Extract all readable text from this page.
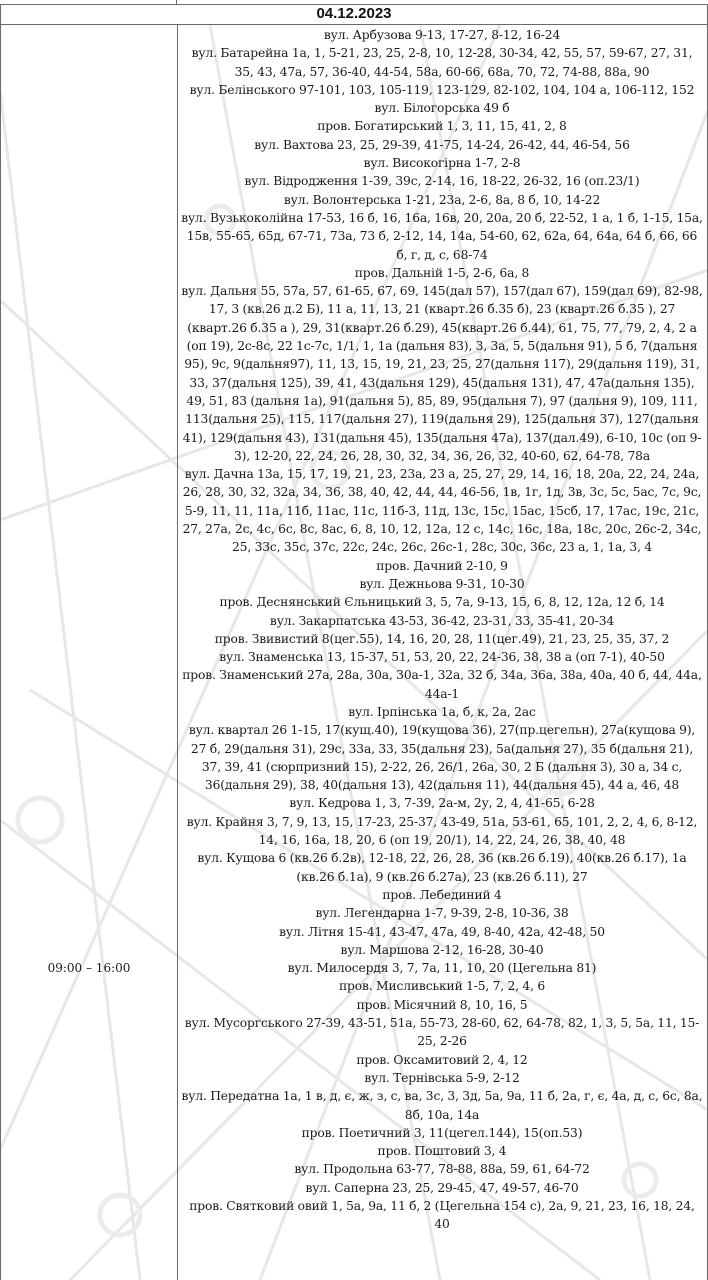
04.12.2023
09:00 – 16:00
вул. Арбузова 9-13, 17-27, 8-12, 16-24
вул. Батарейна 1а, 1, 5-21, 23, 25, 2-8, 10, 12-28, 30-34, 42, 55, 57, 59-67, 27, 31, 35, 43, 47а, 57, 36-40, 44-54, 58а, 60-66, 68а, 70, 72, 74-88, 88а, 90
вул. Белінського 97-101, 103, 105-119, 123-129, 82-102, 104, 104 а, 106-112, 152
вул. Білогорська 49 б
пров. Богатирський 1, 3, 11, 15, 41, 2, 8
вул. Вахтова 23, 25, 29-39, 41-75, 14-24, 26-42, 44, 46-54, 56
вул. Високогірна 1-7, 2-8
вул. Відродження 1-39, 39с, 2-14, 16, 18-22, 26-32, 16 (оп.23/1)
вул. Волонтерська 1-21, 23а, 2-6, 8а, 8 б, 10, 14-22
вул. Вузькоколійна 17-53, 16 б, 16, 16а, 16в, 20, 20а, 20 б, 22-52, 1 а, 1 б, 1-15, 15а, 15в, 55-65, 65д, 67-71, 73а, 73 б, 2-12, 14, 14а, 54-60, 62, 62а, 64, 64а, 64 б, 66, 66 б, г, д, с, 68-74
пров. Дальній 1-5, 2-6, 6а, 8
вул. Дальня 55, 57а, 57, 61-65, 67, 69, 145(дал 57), 157(дал 67), 159(дал 69), 82-98, 17, 3 (кв.26 д.2 Б), 11 а, 11, 13, 21 (кварт.26 б.35 б), 23 (кварт.26 б.35 ), 27 (кварт.26 б.35 а ), 29, 31(кварт.26 б.29), 45(кварт.26 б.44), 61, 75, 77, 79, 2, 4, 2 а (оп 19), 2с-8с, 22 1с-7с, 1/1, 1, 1а (дальня 83), 3, 3а, 5, 5(дальня 91), 5 б, 7(дальня 95), 9с, 9(дальня97), 11, 13, 15, 19, 21, 23, 25, 27(дальня 117), 29(дальня 119), 31, 33, 37(дальня 125), 39, 41, 43(дальня 129), 45(дальня 131), 47, 47а(дальня 135), 49, 51, 83 (дальня 1а), 91(дальня 5), 85, 89, 95(дальня 7), 97 (дальня 9), 109, 111, 113(дальня 25), 115, 117(дальня 27), 119(дальня 29), 125(дальня 37), 127(дальня 41), 129(дальня 43), 131(дальня 45), 135(дальня 47а), 137(дал.49), 6-10, 10с (оп 9-3), 12-20, 22, 24, 26, 28, 30, 32, 34, 36, 26, 32, 40-60, 62, 64-78, 78а
вул. Дачна 13а, 15, 17, 19, 21, 23, 23а, 23 а, 25, 27, 29, 14, 16, 18, 20а, 22, 24, 24а, 26, 28, 30, 32, 32а, 34, 36, 38, 40, 42, 44, 44, 46-56, 1в, 1г, 1д, 3в, 3с, 5с, 5ас, 7с, 9с, 5-9, 11, 11, 11а, 11б, 11ас, 11с, 11б-3, 11д, 13с, 15с, 15ас, 15сб, 17, 17ас, 19с, 21с, 27, 27а, 2с, 4с, 6с, 8с, 8ас, 6, 8, 10, 12, 12а, 12 с, 14с, 16с, 18а, 18с, 20с, 26с-2, 34с, 25, 33с, 35с, 37с, 22с, 24с, 26с, 26с-1, 28с, 30с, 36с, 23 а, 1, 1а, 3, 4
пров. Дачний 2-10, 9
вул. Дежньова 9-31, 10-30
пров. Деснянський Єльницький 3, 5, 7а, 9-13, 15, 6, 8, 12, 12а, 12 б, 14
вул. Закарпатська 43-53, 36-42, 23-31, 33, 35-41, 20-34
пров. Звивистий 8(цег.55), 14, 16, 20, 28, 11(цег.49), 21, 23, 25, 35, 37, 2
вул. Знаменська 13, 15-37, 51, 53, 20, 22, 24-36, 38, 38 а (оп 7-1), 40-50
пров. Знаменський 27а, 28а, 30а, 30а-1, 32а, 32 б, 34а, 36а, 38а, 40а, 40 б, 44, 44а, 44а-1
вул. Ірпінська 1а, б, к, 2а, 2ас
вул. квартал 26 1-15, 17(кущ.40), 19(кущова 36), 27(пр.цегельн), 27а(кущова 9), 27 б, 29(дальня 31), 29с, 33а, 33, 35(дальня 23), 5а(дальня 27), 35 б(дальня 21), 37, 39, 41 (сюрпризний 15), 2-22, 26, 26/1, 26а, 30, 2 Б (дальня 3), 30 а, 34 с, 36(дальня 29), 38, 40(дальня 13), 42(дальня 11), 44(дальня 45), 44 а, 46, 48
вул. Кедрова 1, 3, 7-39, 2а-м, 2у, 2, 4, 41-65, 6-28
вул. Крайня 3, 7, 9, 13, 15, 17-23, 25-37, 43-49, 51а, 53-61, 65, 101, 2, 2, 4, 6, 8-12, 14, 16, 16а, 18, 20, 6 (оп 19, 20/1), 14, 22, 24, 26, 38, 40, 48
вул. Кущова 6 (кв.26 б.2в), 12-18, 22, 26, 28, 36 (кв.26 б.19), 40(кв.26 б.17), 1а (кв.26 б.1а), 9 (кв.26 б.27а), 23 (кв.26 б.11), 27
пров. Лебединий 4
вул. Легендарна 1-7, 9-39, 2-8, 10-36, 38
вул. Літня 15-41, 43-47, 47а, 49, 8-40, 42а, 42-48, 50
вул. Маршова 2-12, 16-28, 30-40
вул. Милосердя 3, 7, 7а, 11, 10, 20 (Цегельна 81)
пров. Мисливський 1-5, 7, 2, 4, 6
пров. Місячний 8, 10, 16, 5
вул. Мусоргського 27-39, 43-51, 51а, 55-73, 28-60, 62, 64-78, 82, 1, 3, 5, 5а, 11, 15-25, 2-26
пров. Оксамитовий 2, 4, 12
вул. Тернівська 5-9, 2-12
вул. Передатна 1а, 1 в, д, є, ж, з, с, ва, 3с, 3, 3д, 5а, 9а, 11 б, 2а, г, є, 4а, д, с, 6с, 8а, 8б, 10а, 14а
пров. Поетичний 3, 11(цегел.144), 15(оп.53)
пров. Поштовий 3, 4
вул. Продольна 63-77, 78-88, 88а, 59, 61, 64-72
вул. Саперна 23, 25, 29-45, 47, 49-57, 46-70
пров. Святковий овий 1, 5а, 9а, 11 б, 2 (Цегельна 154 с), 2а, 9, 21, 23, 16, 18, 24, 40
